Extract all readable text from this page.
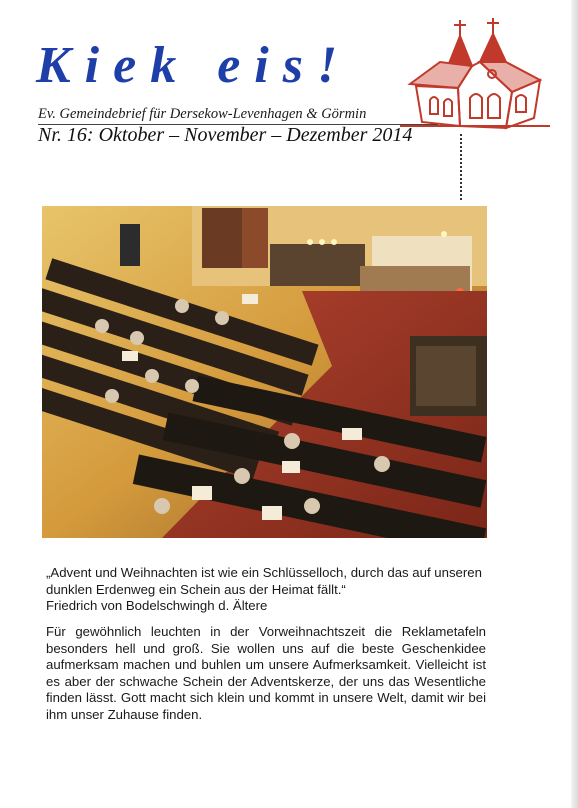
Kiek eis!
Ev. Gemeindebrief für Dersekow-Levenhagen & Görmin
Nr. 16: Oktober – November – Dezember 2014

„Advent und Weihnachten ist wie ein Schlüsselloch, durch das auf unseren dunklen Erdenweg ein Schein aus der Heimat fällt.“

Friedrich von Bodelschwingh d. Ältere

Für gewöhnlich leuchten in der Vorweihnachtszeit die Reklametafeln besonders hell und groß. Sie wollen uns auf die beste Geschenkidee aufmerksam machen und buhlen um unsere Aufmerksamkeit. Vielleicht ist es aber der schwache Schein der Adventskerze, der uns das Wesentliche finden lässt. Gott macht sich klein und kommt in unsere Welt, damit wir bei ihm unser Zuhause finden.
